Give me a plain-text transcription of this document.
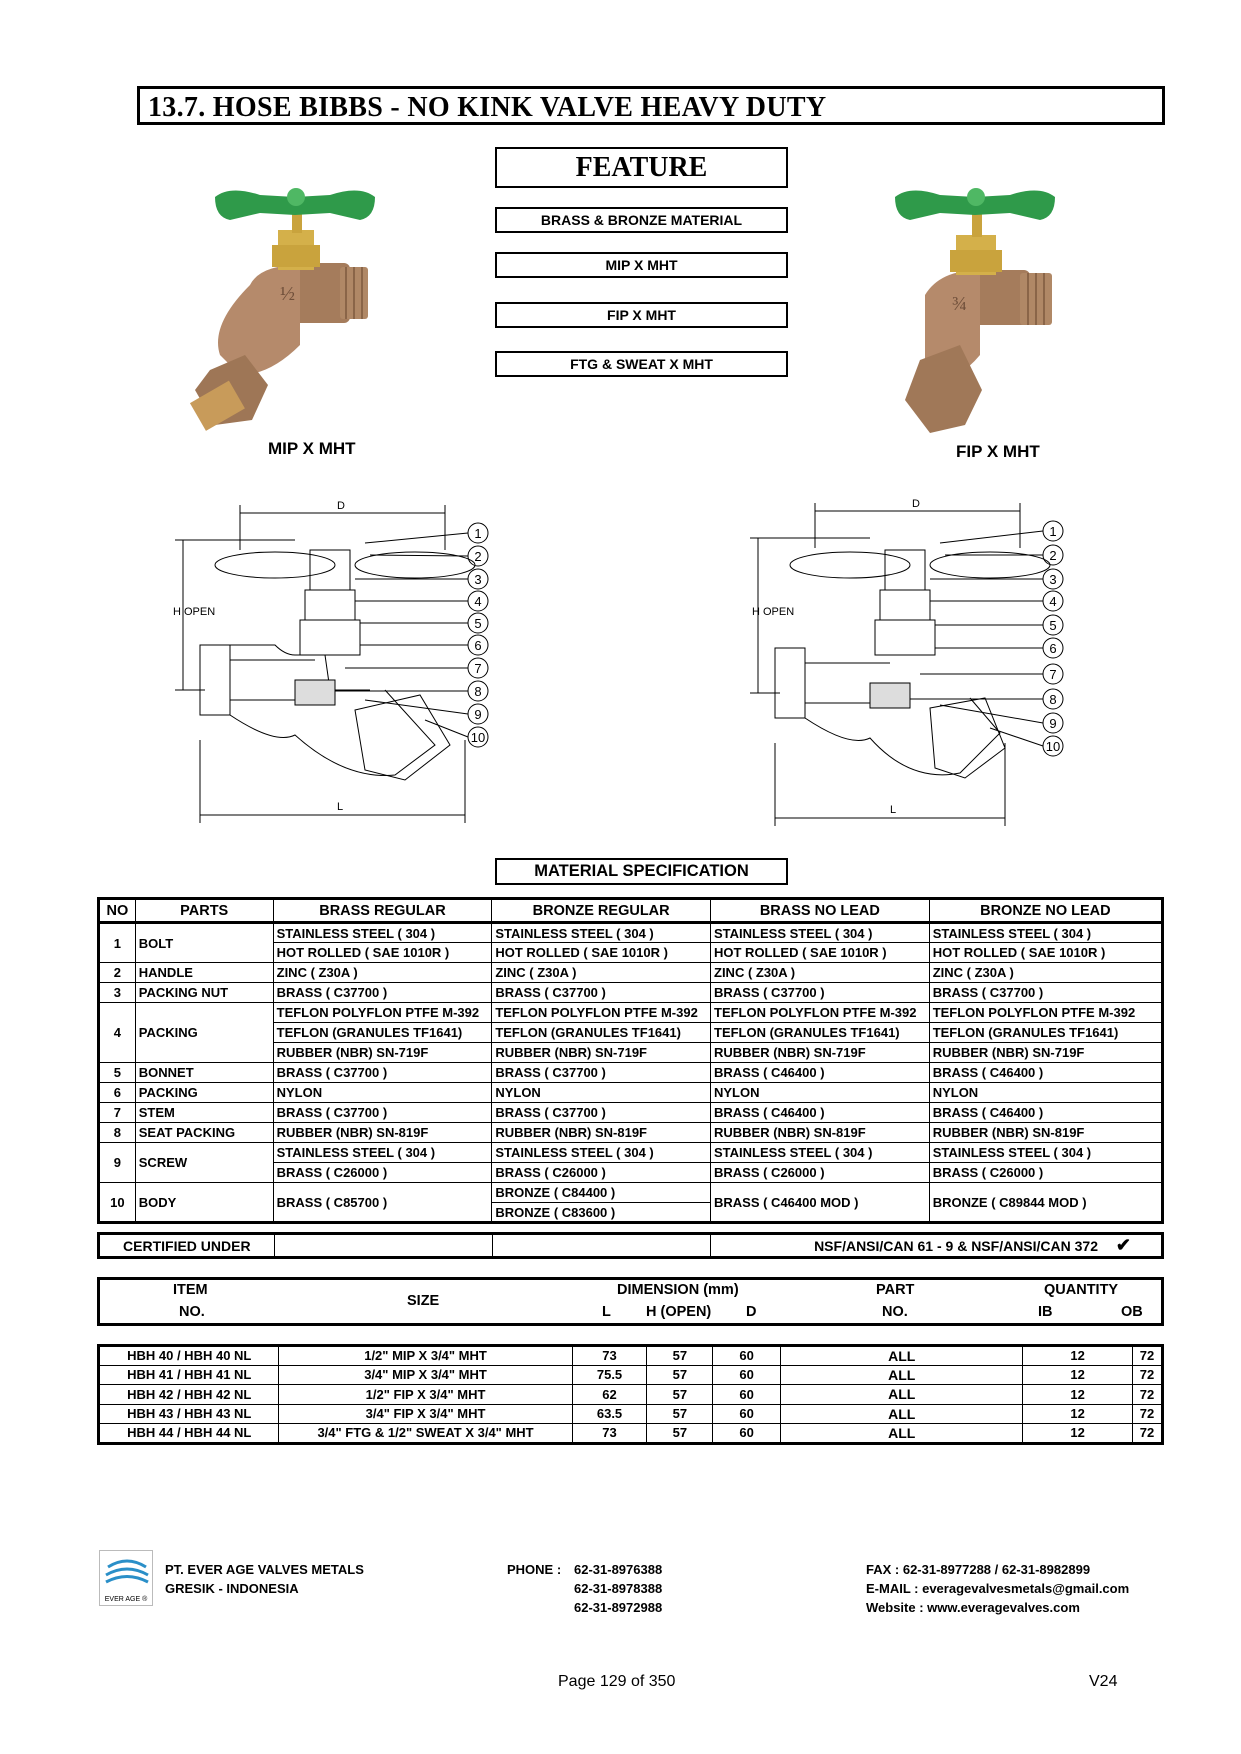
13.7. HOSE BIBBS - NO KINK VALVE HEAVY DUTY
FEATURE
BRASS & BRONZE MATERIAL
MIP X MHT
FIP X MHT
FTG & SWEAT X MHT
½
MIP X MHT
¾
FIP X MHT
D
H OPEN
L
1
2
3
4
5
6
7
8
9
10
D
H OPEN
L
1
2
3
4
5
6
7
8
9
10
MATERIAL SPECIFICATION
NO	PARTS	BRASS REGULAR	BRONZE REGULAR	BRASS NO LEAD	BRONZE NO LEAD
1	BOLT	STAINLESS STEEL ( 304 )	STAINLESS STEEL ( 304 )	STAINLESS STEEL ( 304 )	STAINLESS STEEL ( 304 )
		HOT ROLLED ( SAE 1010R )	HOT ROLLED ( SAE 1010R )	HOT ROLLED ( SAE 1010R )	HOT ROLLED ( SAE 1010R )
2	HANDLE	ZINC ( Z30A )	ZINC ( Z30A )	ZINC ( Z30A )	ZINC ( Z30A )
3	PACKING NUT	BRASS ( C37700 )	BRASS ( C37700 )	BRASS ( C37700 )	BRASS ( C37700 )
4	PACKING	TEFLON POLYFLON PTFE M-392	TEFLON POLYFLON PTFE M-392	TEFLON POLYFLON PTFE M-392	TEFLON POLYFLON PTFE M-392
		TEFLON (GRANULES TF1641)	TEFLON (GRANULES TF1641)	TEFLON (GRANULES TF1641)	TEFLON (GRANULES TF1641)
		RUBBER (NBR) SN-719F	RUBBER (NBR) SN-719F	RUBBER (NBR) SN-719F	RUBBER (NBR) SN-719F
5	BONNET	BRASS ( C37700 )	BRASS ( C37700 )	BRASS ( C46400 )	BRASS ( C46400 )
6	PACKING	NYLON	NYLON	NYLON	NYLON
7	STEM	BRASS ( C37700 )	BRASS ( C37700 )	BRASS ( C46400 )	BRASS ( C46400 )
8	SEAT PACKING	RUBBER (NBR) SN-819F	RUBBER (NBR) SN-819F	RUBBER (NBR) SN-819F	RUBBER (NBR) SN-819F
9	SCREW	STAINLESS STEEL ( 304 )	STAINLESS STEEL ( 304 )	STAINLESS STEEL ( 304 )	STAINLESS STEEL ( 304 )
		BRASS ( C26000 )	BRASS ( C26000 )	BRASS ( C26000 )	BRASS ( C26000 )
10	BODY	BRASS ( C85700 )	BRONZE ( C84400 )	BRASS ( C46400 MOD )	BRONZE ( C89844 MOD )
			BRONZE ( C83600 )		
CERTIFIED UNDER			NSF/ANSI/CAN 61 - 9 & NSF/ANSI/CAN 372 ✔
ITEM
NO.
SIZE
DIMENSION (mm)
L H (OPEN) D
PART
NO.
QUANTITY
IB	OB
HBH 40 / HBH 40 NL	1/2" MIP X 3/4" MHT	73	57	60	ALL	12	72
HBH 41 / HBH 41 NL	3/4" MIP X 3/4" MHT	75.5	57	60	ALL	12	72
HBH 42 / HBH 42 NL	1/2" FIP X 3/4" MHT	62	57	60	ALL	12	72
HBH 43 / HBH 43 NL	3/4" FIP X 3/4" MHT	63.5	57	60	ALL	12	72
HBH 44 / HBH 44 NL	3/4" FTG & 1/2" SWEAT X 3/4" MHT	73	57	60	ALL	12	72
EVER AGE ®
PT. EVER AGE VALVES METALS
GRESIK - INDONESIA
PHONE : 62-31-8976388
62-31-8978388
62-31-8972988
FAX : 62-31-8977288 / 62-31-8982899
E-MAIL : everagevalvesmetals@gmail.com
Website : www.everagevalves.com
Page 129 of 350	V24
